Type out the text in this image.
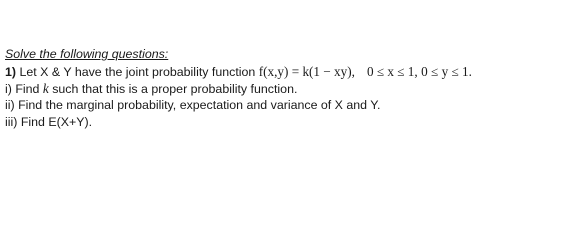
Solve the following questions:
1) Let X & Y have the joint probability function f(x,y) = k(1 − xy), 0 ≤ x ≤ 1, 0 ≤ y ≤ 1.
i) Find k such that this is a proper probability function.
ii) Find the marginal probability, expectation and variance of X and Y.
iii) Find E(X+Y).
